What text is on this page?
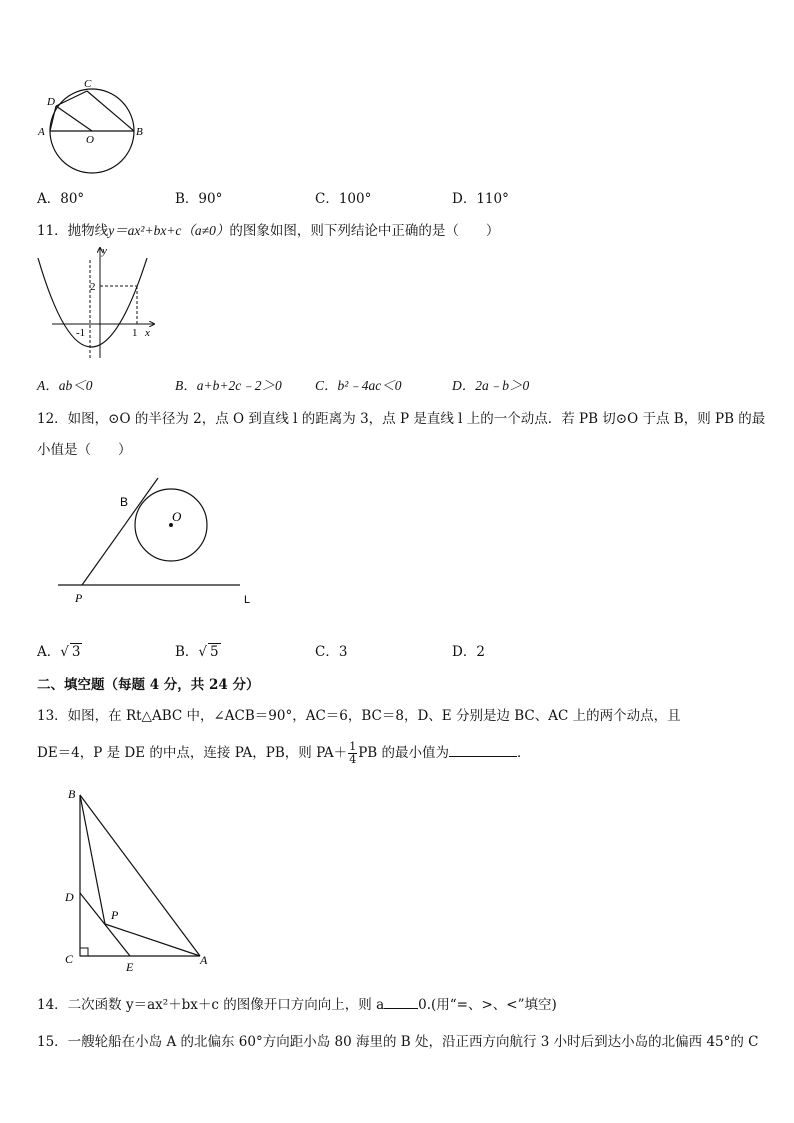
C
D
A	B
O
A．80°	B．90°	C．100°	D．110°
11．抛物线y＝ax²+bx+c（a≠0）的图象如图，则下列结论中正确的是（　　）
y
x
2
-1	1
A．ab＜0	B．a+b+2c﹣2＞0 C．b²﹣4ac＜0	D．2a﹣b＞0
12．如图，⊙O 的半径为 2，点 O 到直线 l 的距离为 3，点 P 是直线 l 上的一个动点．若 PB 切⊙O 于点 B，则 PB 的最
小值是（　　）
B
O
P	L
A．√ 3	B．√ 5	C．3	D．2
二、填空题（每题 4 分，共 24 分）
13．如图，在 Rt△ABC 中，∠ACB＝90°，AC＝6，BC＝8，D、E 分别是边 BC、AC 上的两个动点，且
DE＝4，P 是 DE 的中点，连接 PA，PB，则 $PA+ \frac{1}{4}$ PB 的最小值为	．
B
D
P
C
E	A
14．二次函数 y＝ax²＋bx＋c 的图像开口方向向上，则 a	0.(用“=、>、<”填空)
15．一艘轮船在小岛 A 的北偏东 60°方向距小岛 80 海里的 B 处，沿正西方向航行 3 小时后到达小岛的北偏西 45°的 C
